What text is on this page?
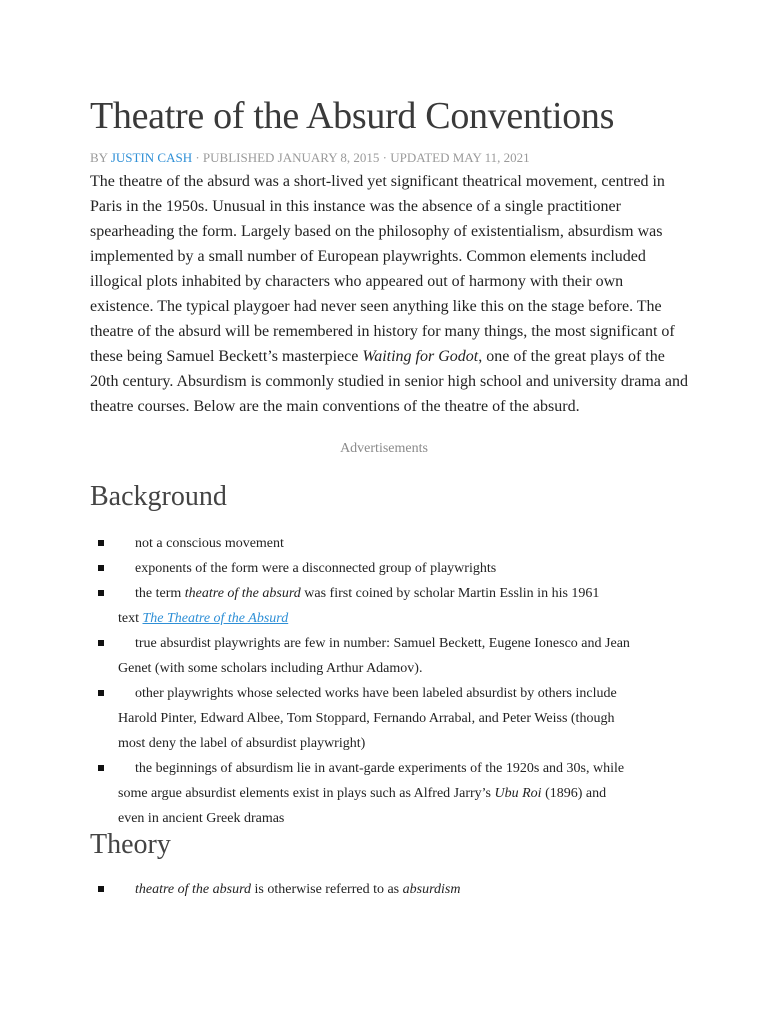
Theatre of the Absurd Conventions
BY JUSTIN CASH · PUBLISHED JANUARY 8, 2015 · UPDATED MAY 11, 2021

The theatre of the absurd was a short-lived yet significant theatrical movement, centred in Paris in the 1950s. Unusual in this instance was the absence of a single practitioner spearheading the form. Largely based on the philosophy of existentialism, absurdism was implemented by a small number of European playwrights. Common elements included illogical plots inhabited by characters who appeared out of harmony with their own existence. The typical playgoer had never seen anything like this on the stage before. The theatre of the absurd will be remembered in history for many things, the most significant of these being Samuel Beckett’s masterpiece Waiting for Godot, one of the great plays of the 20th century. Absurdism is commonly studied in senior high school and university drama and theatre courses. Below are the main conventions of the theatre of the absurd.

Advertisements
Background
not a conscious movement
exponents of the form were a disconnected group of playwrights
the term theatre of the absurd was first coined by scholar Martin Esslin in his 1961
text The Theatre of the Absurd
true absurdist playwrights are few in number: Samuel Beckett, Eugene Ionesco and Jean
Genet (with some scholars including Arthur Adamov).
other playwrights whose selected works have been labeled absurdist by others include
Harold Pinter, Edward Albee, Tom Stoppard, Fernando Arrabal, and Peter Weiss (though
most deny the label of absurdist playwright)
the beginnings of absurdism lie in avant-garde experiments of the 1920s and 30s, while
some argue absurdist elements exist in plays such as Alfred Jarry’s Ubu Roi (1896) and
even in ancient Greek dramas
Theory
theatre of the absurd is otherwise referred to as absurdism
